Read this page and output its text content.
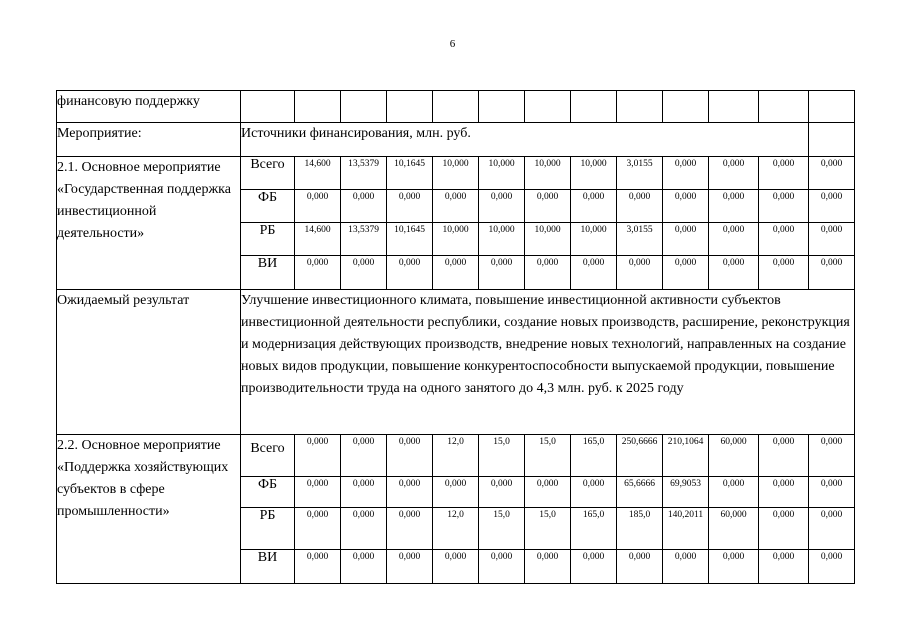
6
финансовую поддержку													
Мероприятие:	Источники финансирования, млн. руб.												
2.1. Основное мероприятие «Государственная поддержка инвестиционной деятельности»	Всего	14,600	13,5379	10,1645	10,000	10,000	10,000	10,000	3,0155	0,000	0,000	0,000	0,000
	ФБ	0,000	0,000	0,000	0,000	0,000	0,000	0,000	0,000	0,000	0,000	0,000	0,000
	РБ	14,600	13,5379	10,1645	10,000	10,000	10,000	10,000	3,0155	0,000	0,000	0,000	0,000
	ВИ	0,000	0,000	0,000	0,000	0,000	0,000	0,000	0,000	0,000	0,000	0,000	0,000
Ожидаемый результат	Улучшение инвестиционного климата, повышение инвестиционной активности субъектов инвестиционной деятельности республики, создание новых производств, расширение, реконструкция и модернизация действующих производств, внедрение новых технологий, направленных на создание новых видов продукции, повышение конкурентоспособности выпускаемой продукции, повышение производительности труда на одного занятого до 4,3 млн. руб. к 2025 году												
2.2. Основное мероприятие «Поддержка хозяйствующих субъектов в сфере промышленности»	Всего	0,000	0,000	0,000	12,0	15,0	15,0	165,0	250,6666	210,1064	60,000	0,000	0,000
	ФБ	0,000	0,000	0,000	0,000	0,000	0,000	0,000	65,6666	69,9053	0,000	0,000	0,000
	РБ	0,000	0,000	0,000	12,0	15,0	15,0	165,0	185,0	140,2011	60,000	0,000	0,000
	ВИ	0,000	0,000	0,000	0,000	0,000	0,000	0,000	0,000	0,000	0,000	0,000	0,000
